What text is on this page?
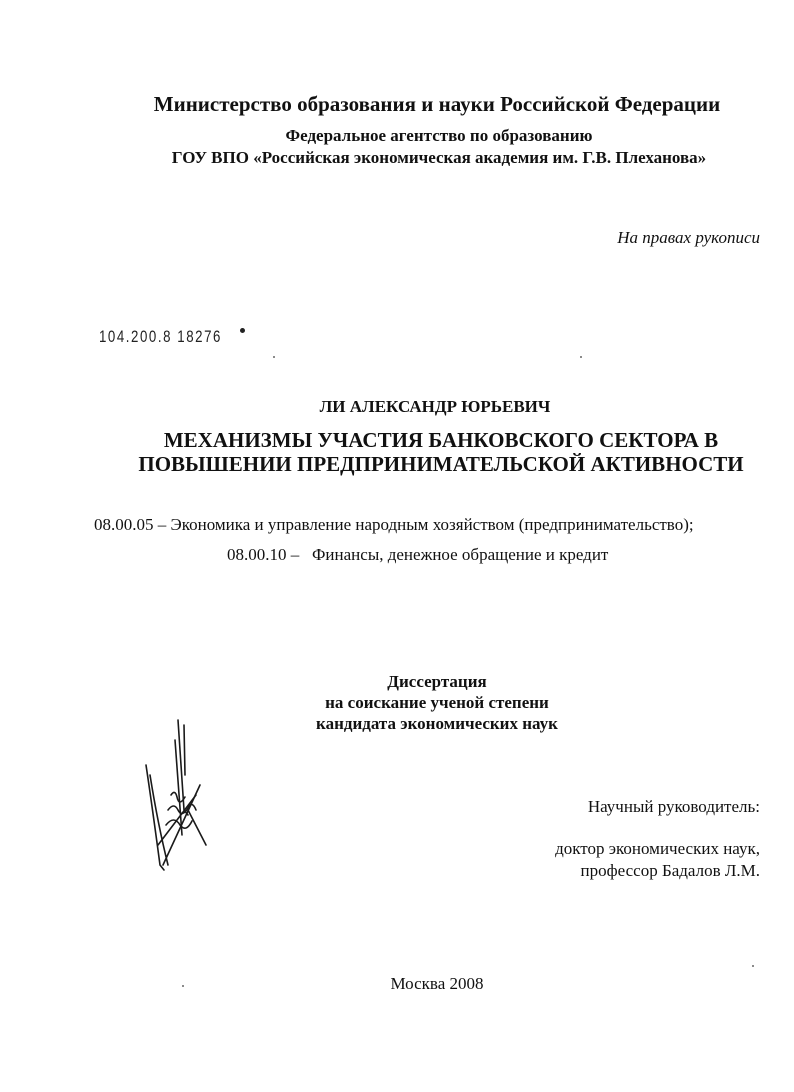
Министерство образования и науки Российской Федерации
Федеральное агентство по образованию
ГОУ ВПО «Российская экономическая академия им. Г.В. Плеханова»
На правах рукописи
104.200.8 18276
ЛИ АЛЕКСАНДР ЮРЬЕВИЧ
МЕХАНИЗМЫ УЧАСТИЯ БАНКОВСКОГО СЕКТОРА В
ПОВЫШЕНИИ ПРЕДПРИНИМАТЕЛЬСКОЙ АКТИВНОСТИ
08.00.05 – Экономика и управление народным хозяйством (предпринимательство);
08.00.10 –   Финансы, денежное обращение и кредит
Диссертация
на соискание ученой степени
кандидата экономических наук
Научный руководитель:
доктор экономических наук,
профессор Бадалов Л.М.
Москва 2008
